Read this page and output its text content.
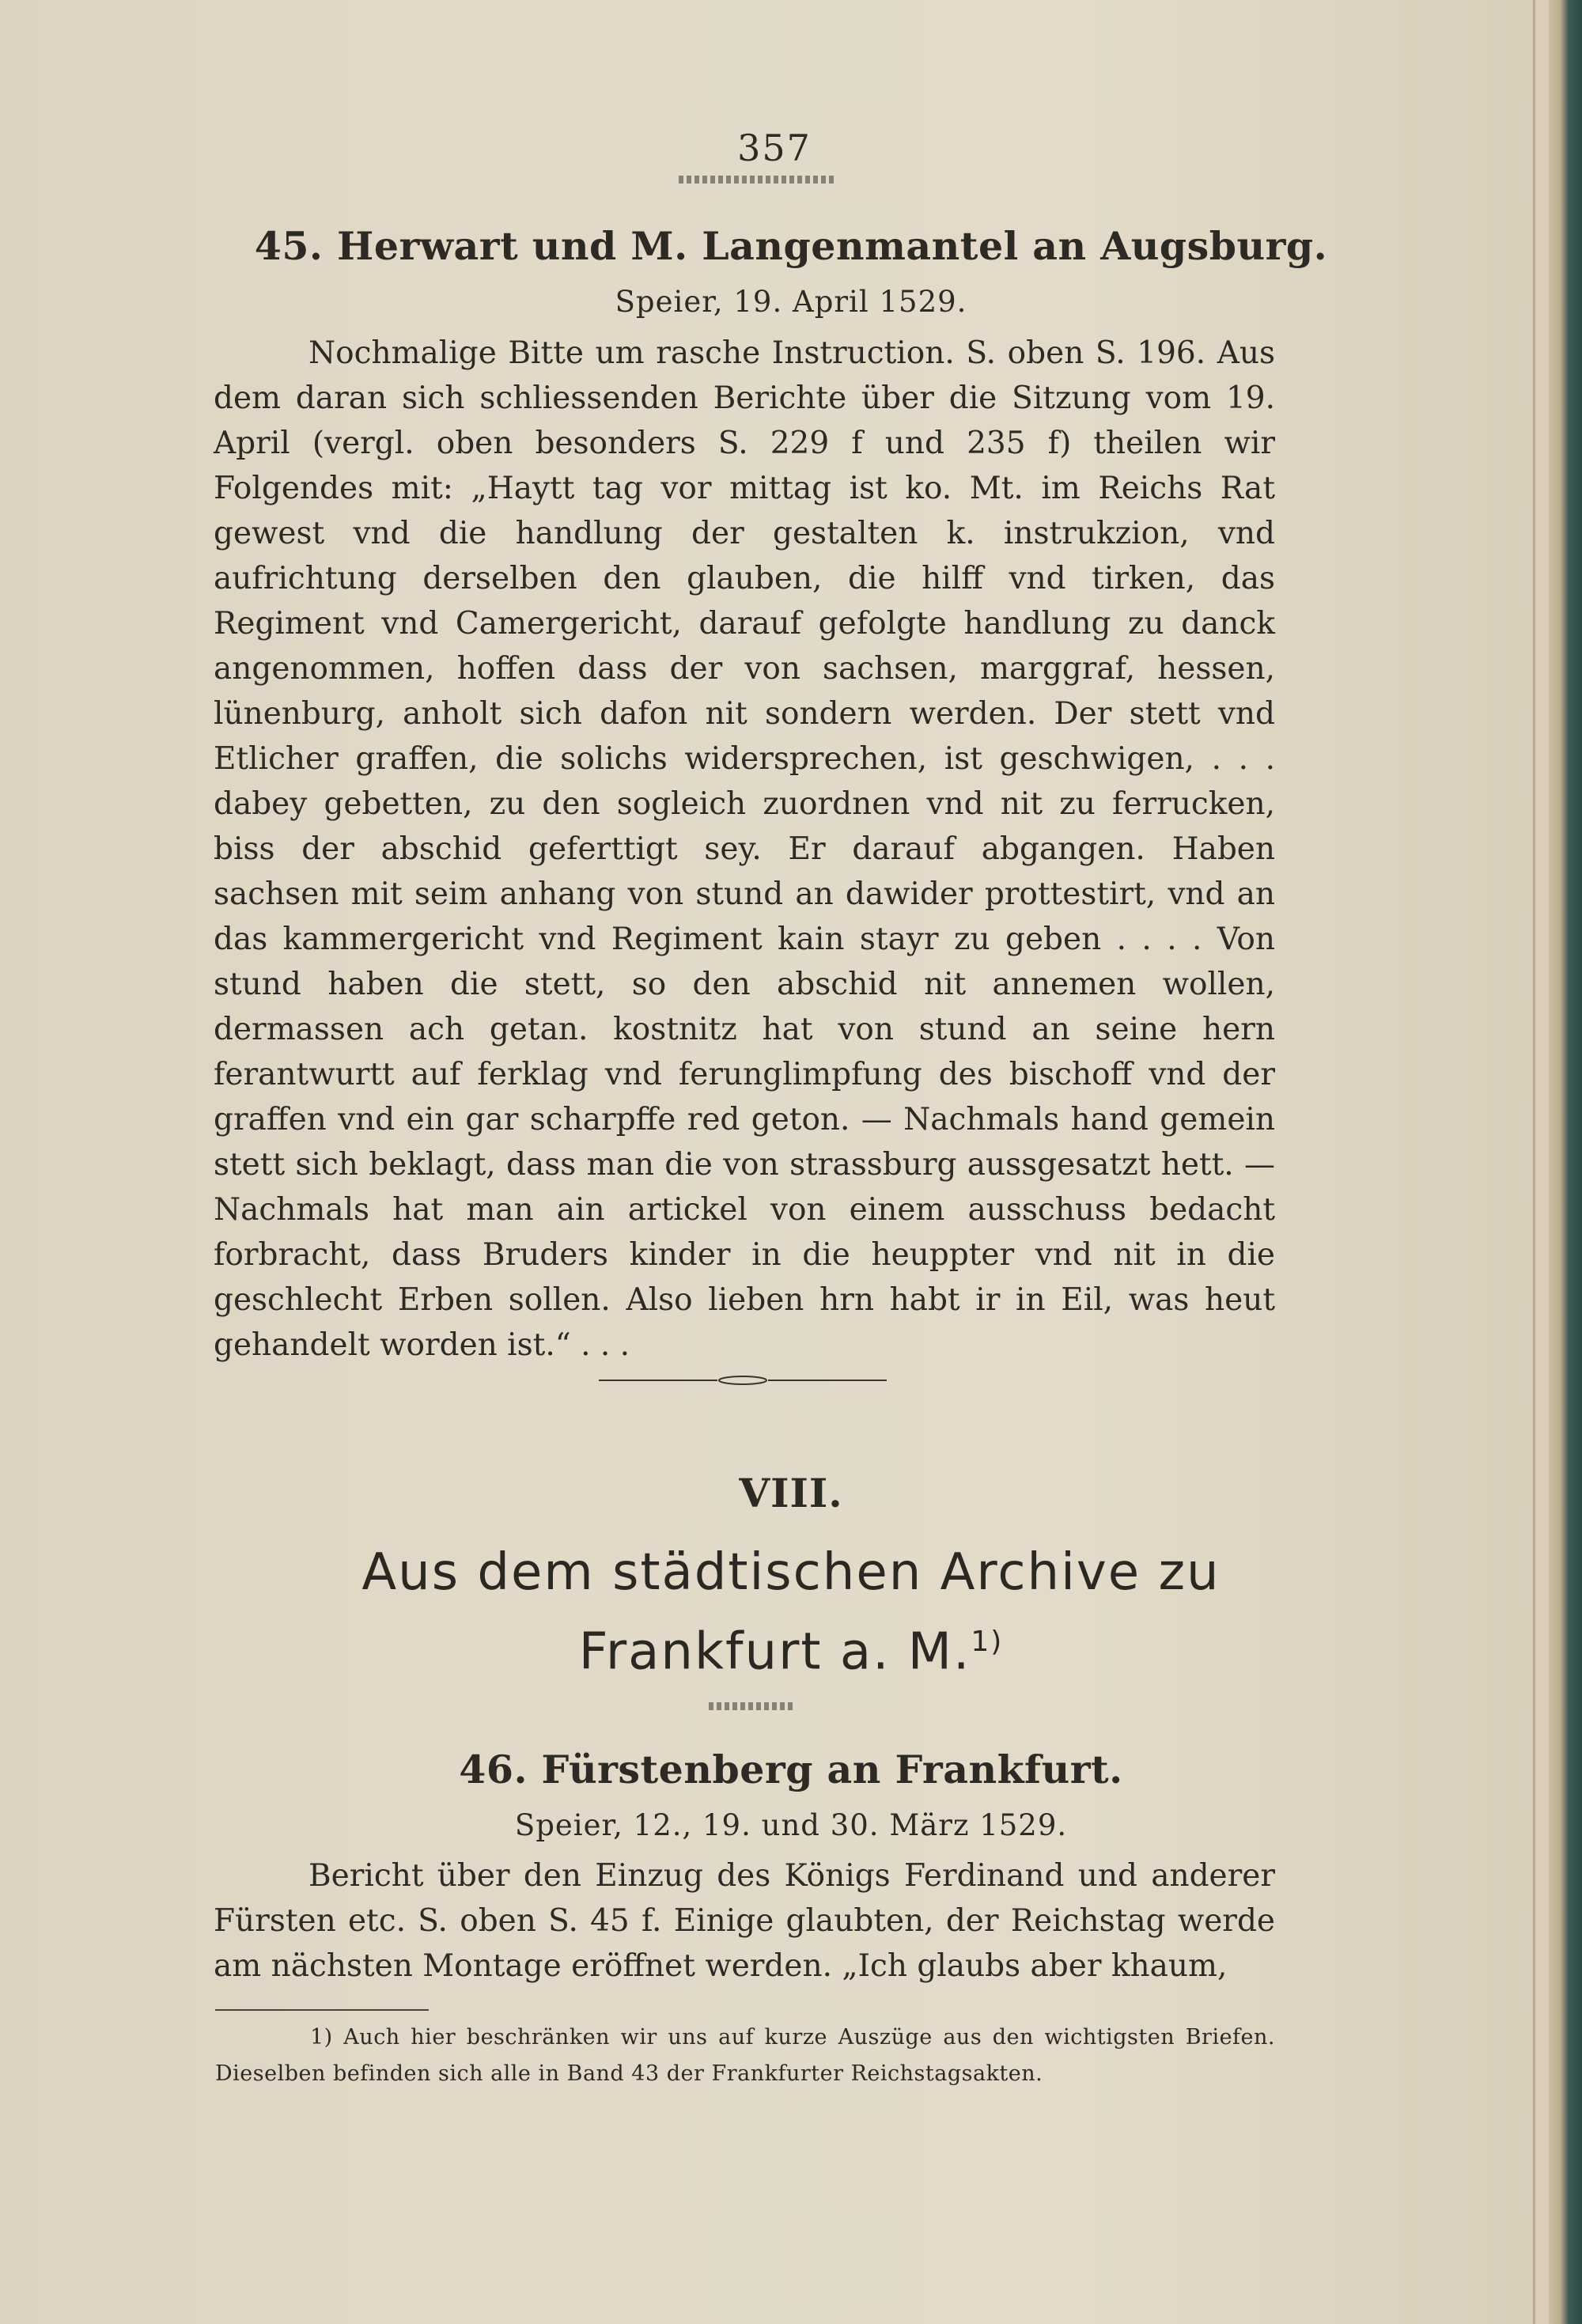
357
45. Herwart und M. Langenmantel an Augsburg.
Speier, 19. April 1529.

Nochmalige Bitte um rasche Instruction. S. oben S. 196. Aus dem daran sich schliessenden Berichte über die Sitzung vom 19. April (vergl. oben besonders S. 229 f und 235 f) theilen wir Folgendes mit: „Haytt tag vor mittag ist ko. Mt. im Reichs Rat gewest vnd die handlung der gestalten k. instrukzion, vnd aufrichtung derselben den glauben, die hilff vnd tirken, das Regiment vnd Camergericht, darauf gefolgte handlung zu danck angenommen, hoffen dass der von sachsen, marggraf, hessen, lünenburg, anholt sich dafon nit sondern werden. Der stett vnd Etlicher graffen, die solichs widersprechen, ist geschwigen, . . . dabey gebetten, zu den sogleich zuordnen vnd nit zu ferrucken, biss der abschid geferttigt sey. Er darauf abgangen. Haben sachsen mit seim anhang von stund an dawider prottestirt, vnd an das kammergericht vnd Regiment kain stayr zu geben . . . . Von stund haben die stett, so den abschid nit annemen wollen, dermassen ach getan. kostnitz hat von stund an seine hern ferantwurtt auf ferklag vnd ferunglimpfung des bischoff vnd der graffen vnd ein gar scharpffe red geton. — Nachmals hand gemein stett sich beklagt, dass man die von strassburg aussgesatzt hett. — Nachmals hat man ain artickel von einem ausschuss bedacht forbracht, dass Bruders kinder in die heuppter vnd nit in die geschlecht Erben sollen. Also lieben hrn habt ir in Eil, was heut gehandelt worden ist.“ . . .

VIII.
Aus dem städtischen Archive zu
Frankfurt a. M.$^{1)}$
46. Fürstenberg an Frankfurt.
Speier, 12., 19. und 30. März 1529.

Bericht über den Einzug des Königs Ferdinand und anderer Fürsten etc. S. oben S. 45 f. Einige glaubten, der Reichstag werde am nächsten Montage eröffnet werden. „Ich glaubs aber khaum,

1) Auch hier beschränken wir uns auf kurze Auszüge aus den wichtigsten Briefen. Dieselben befinden sich alle in Band 43 der Frankfurter Reichstagsakten.
